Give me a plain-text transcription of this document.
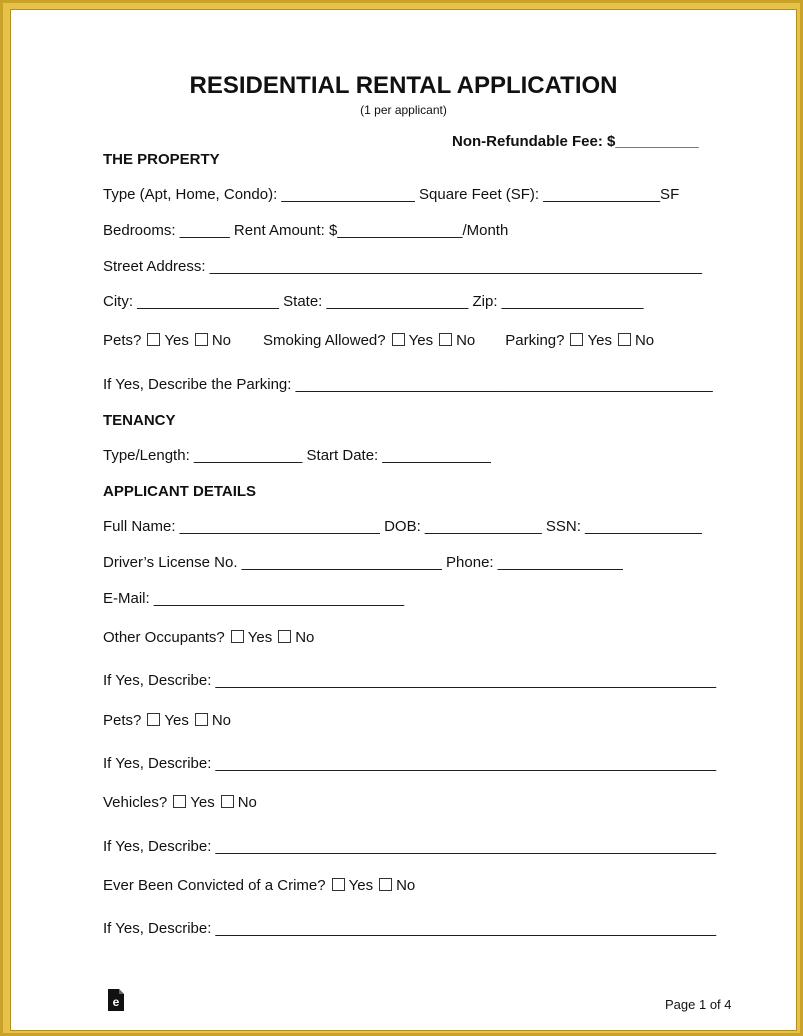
RESIDENTIAL RENTAL APPLICATION
(1 per applicant)
Non-Refundable Fee: $__________
THE PROPERTY
Type (Apt, Home, Condo): ________________ Square Feet (SF): ______________SF
Bedrooms: ______ Rent Amount: $_______________/Month
Street Address: ___________________________________________________________
City: _________________ State: _________________ Zip: _________________
Pets? Yes No Smoking Allowed? Yes No Parking? Yes No
If Yes, Describe the Parking: __________________________________________________
TENANCY
Type/Length: _____________ Start Date: _____________
APPLICANT DETAILS
Full Name: ________________________ DOB: ______________ SSN: ______________
Driver’s License No. ________________________ Phone: _______________
E-Mail: ______________________________
Other Occupants? Yes No
If Yes, Describe: ____________________________________________________________
Pets? Yes No
If Yes, Describe: ____________________________________________________________
Vehicles? Yes No
If Yes, Describe: ____________________________________________________________
Ever Been Convicted of a Crime? Yes No
If Yes, Describe: ____________________________________________________________
e	Page 1 of 4
